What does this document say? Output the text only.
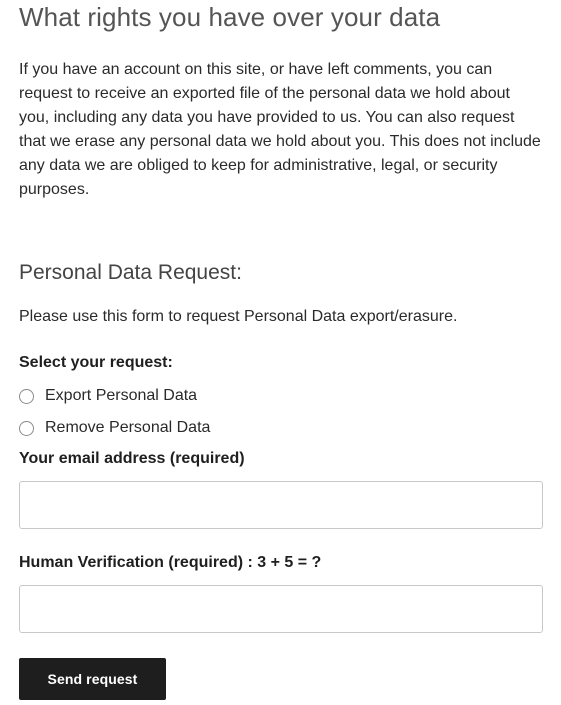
What rights you have over your data

If you have an account on this site, or have left comments, you can request to receive an exported file of the personal data we hold about you, including any data you have provided to us. You can also request that we erase any personal data we hold about you. This does not include any data we are obliged to keep for administrative, legal, or security purposes.

Personal Data Request:

Please use this form to request Personal Data export/erasure.

Select your request:
Export Personal Data
Remove Personal Data
Your email address (required)
Human Verification (required) : 3 + 5 = ?
Send request
